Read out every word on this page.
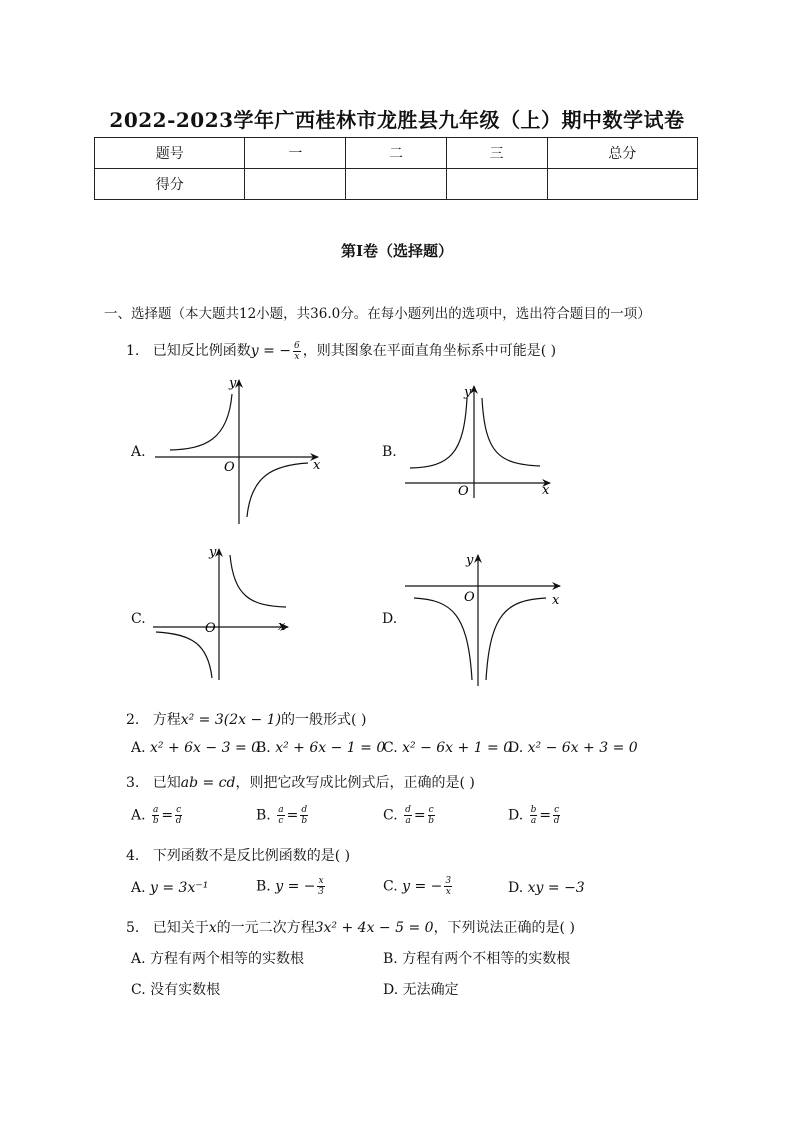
2022-2023学年广西桂林市龙胜县九年级（上）期中数学试卷
题号	一	二	三	总分
得分				
第I卷（选择题）
一、选择题（本大题共12小题，共36.0分。在每小题列出的选项中，选出符合题目的一项）
1. 已知反比例函数y = − $\frac{6}{x}$ ，则其图象在平面直角坐标系中可能是( )
A.
x
y
O
B.
x
y
O
C.	x
y
O
D.
x
y
O
2. 方程x² = 3(2x − 1)的一般形式( )
A. x² + 6x − 3 = 0
B. x² + 6x − 1 = 0
C. x² − 6x + 1 = 0
D. x² − 6x + 3 = 0
3. 已知ab = cd，则把它改写成比例式后，正确的是( )
A. $\frac{a}{b} = \frac{c}{d}$	B. $\frac{a}{c} = \frac{d}{b}$	C. $\frac{d}{a} = \frac{c}{b}$	D. $\frac{b}{a} = \frac{c}{d}$
4. 下列函数不是反比例函数的是( )
A. y = 3x⁻¹	B. y = − $\frac{x}{3}$	C. y = − $\frac{3}{x}$	D. xy = −3
5. 已知关于x的一元二次方程3x² + 4x − 5 = 0，下列说法正确的是( )
A. 方程有两个相等的实数根	B. 方程有两个不相等的实数根
C. 没有实数根	D. 无法确定
